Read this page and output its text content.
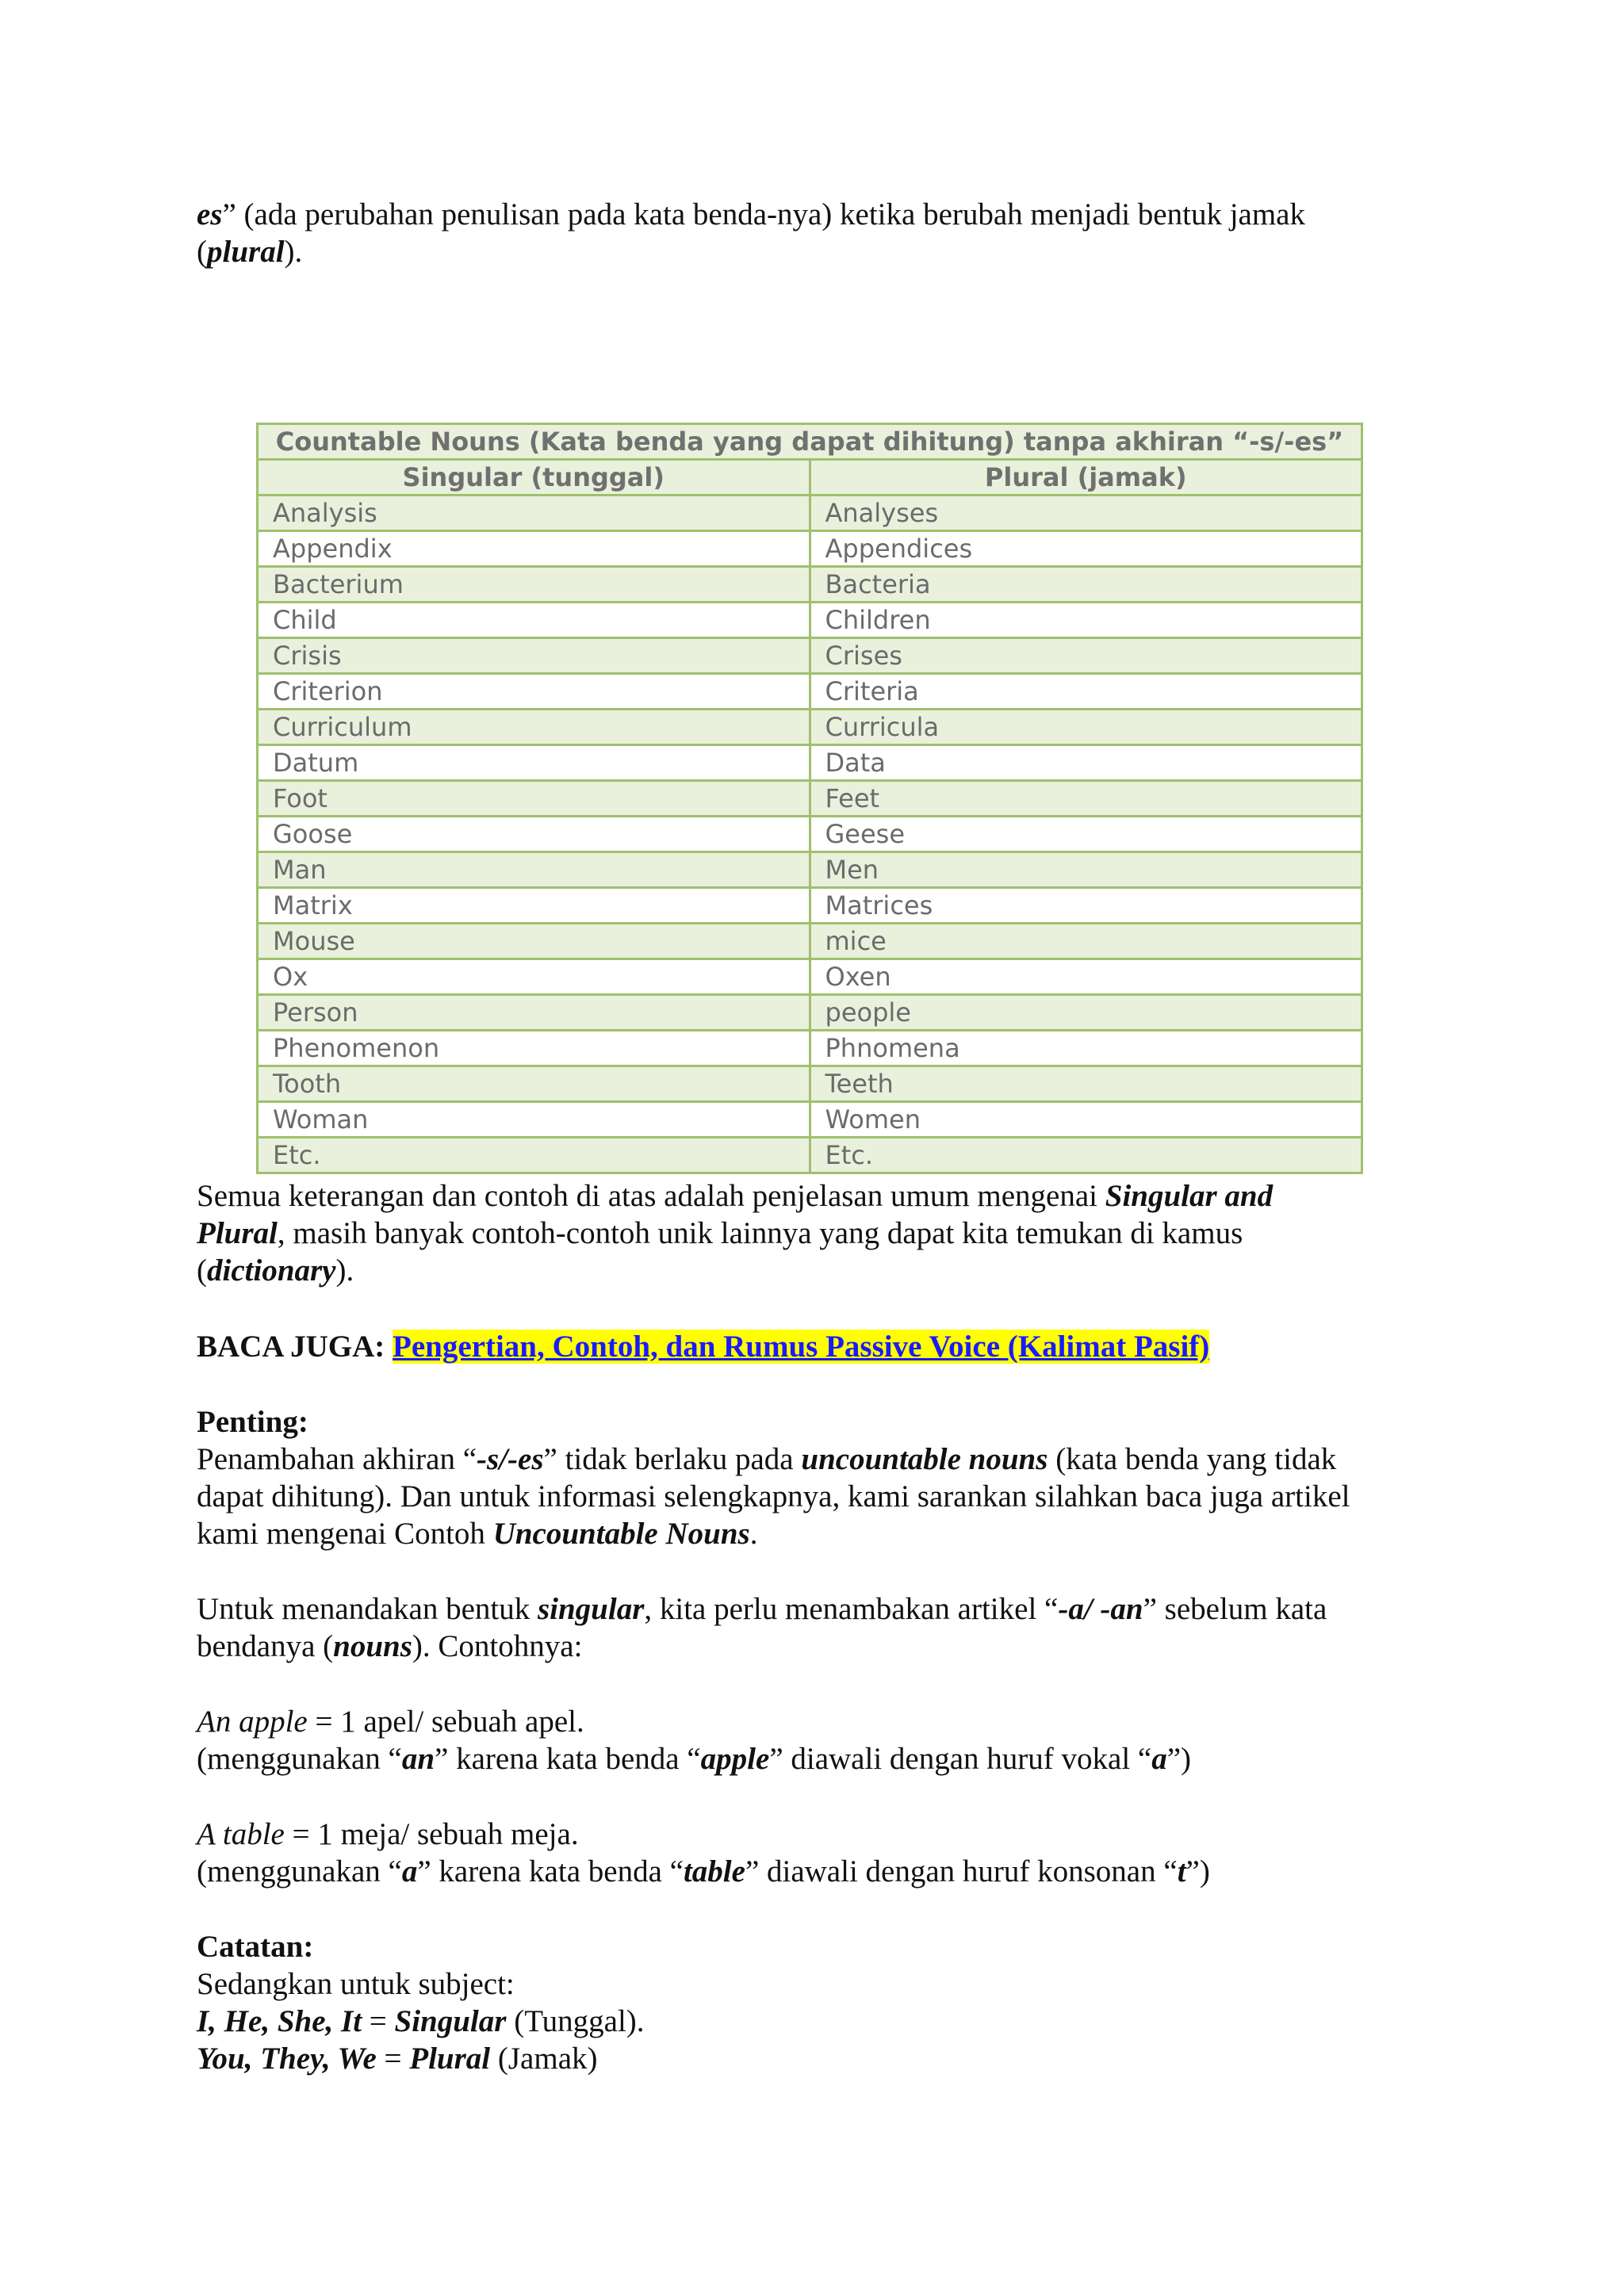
es” (ada perubahan penulisan pada kata benda-nya) ketika berubah menjadi bentuk jamak
(plural).
Countable Nouns (Kata benda yang dapat dihitung) tanpa akhiran “-s/-es”	
Singular (tunggal)	Plural (jamak)
Analysis	Analyses
Appendix	Appendices
Bacterium	Bacteria
Child	Children
Crisis	Crises
Criterion	Criteria
Curriculum	Curricula
Datum	Data
Foot	Feet
Goose	Geese
Man	Men
Matrix	Matrices
Mouse	mice
Ox	Oxen
Person	people
Phenomenon	Phnomena
Tooth	Teeth
Woman	Women
Etc.	Etc.
Semua keterangan dan contoh di atas adalah penjelasan umum mengenai Singular and
Plural, masih banyak contoh-contoh unik lainnya yang dapat kita temukan di kamus
(dictionary).
BACA JUGA: Pengertian, Contoh, dan Rumus Passive Voice (Kalimat Pasif)
Penting:
Penambahan akhiran “-s/-es” tidak berlaku pada uncountable nouns (kata benda yang tidak
dapat dihitung). Dan untuk informasi selengkapnya, kami sarankan silahkan baca juga artikel
kami mengenai Contoh Uncountable Nouns.
Untuk menandakan bentuk singular, kita perlu menambakan artikel “-a/ -an” sebelum kata
bendanya (nouns). Contohnya:
An apple = 1 apel/ sebuah apel.
(menggunakan “an” karena kata benda “apple” diawali dengan huruf vokal “a”)
A table = 1 meja/ sebuah meja.
(menggunakan “a” karena kata benda “table” diawali dengan huruf konsonan “t”)
Catatan:
Sedangkan untuk subject:
I, He, She, It = Singular (Tunggal).
You, They, We = Plural (Jamak)
